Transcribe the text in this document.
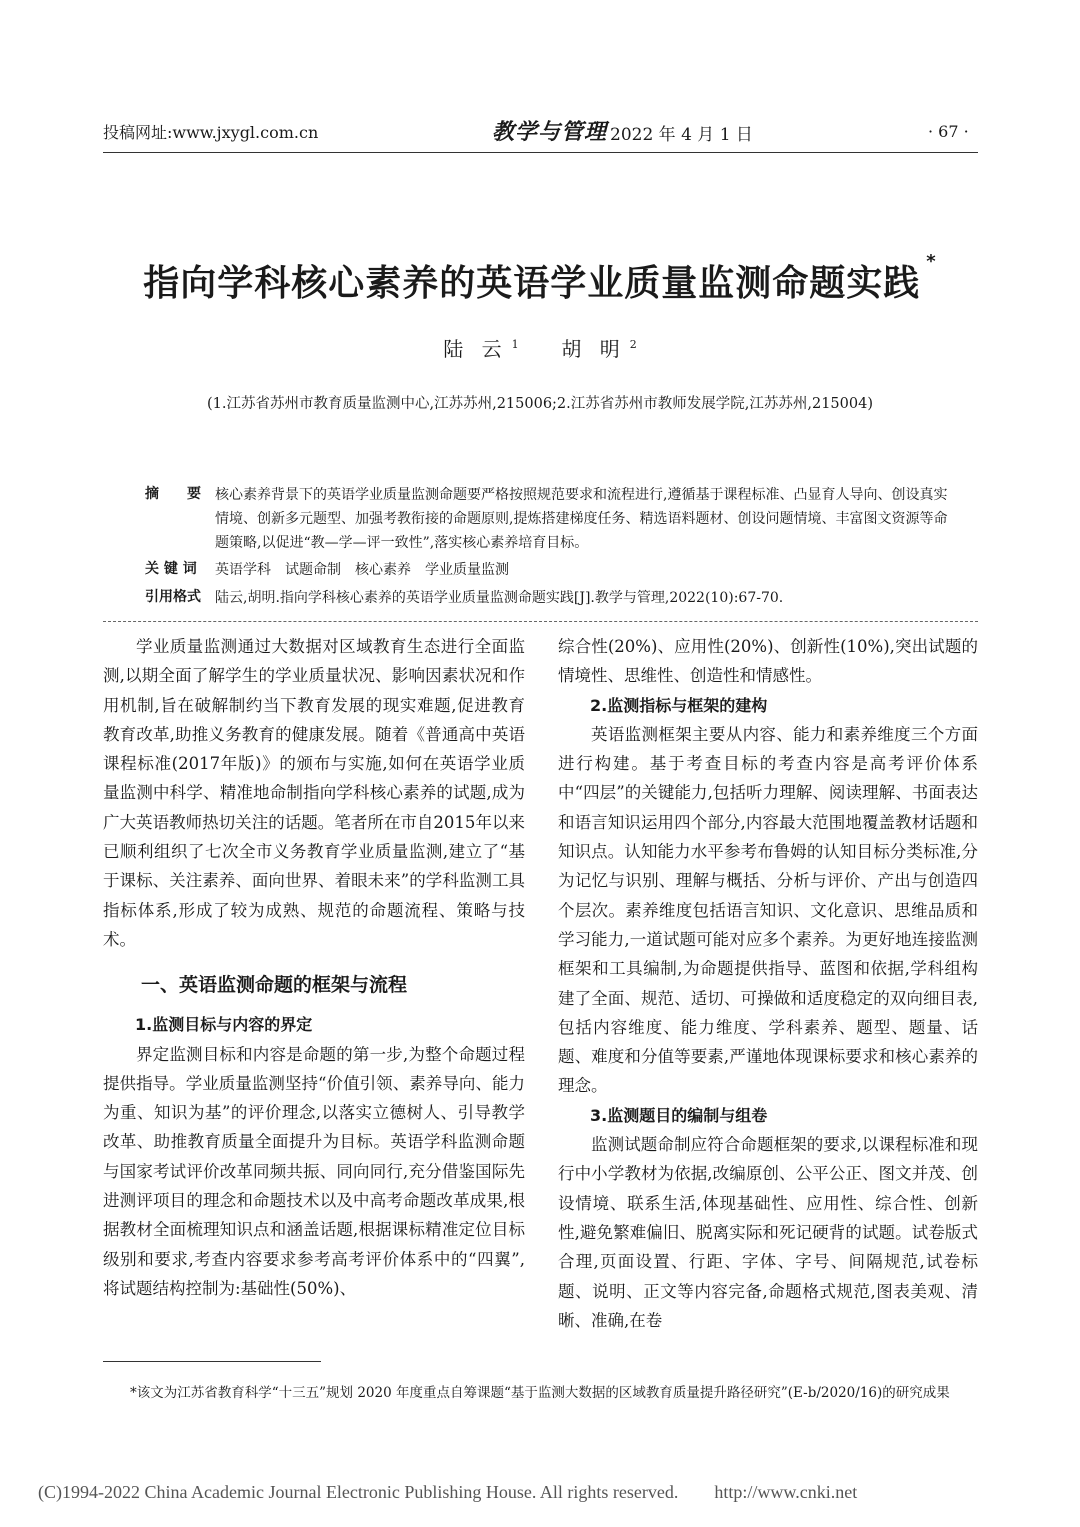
投稿网址:www.jxygl.com.cn	教学与管理 2022 年 4 月 1 日	· 67 ·
指向学科核心素养的英语学业质量监测命题实践*
陆 云 $^1$ 胡 明 $^2$
(1.江苏省苏州市教育质量监测中心,江苏苏州,215006;2.江苏省苏州市教师发展学院,江苏苏州,215004)
摘　　要 核心素养背景下的英语学业质量监测命题要严格按照规范要求和流程进行,遵循基于课程标准、凸显育人导向、创设真实情境、创新多元题型、加强考教衔接的命题原则,提炼搭建梯度任务、精选语料题材、创设问题情境、丰富图文资源等命题策略,以促进“教—学—评一致性”,落实核心素养培育目标。
关 键 词 英语学科　试题命制　核心素养　学业质量监测
引用格式 陆云,胡明.指向学科核心素养的英语学业质量监测命题实践[J].教学与管理,2022(10):67-70.

学业质量监测通过大数据对区域教育生态进行全面监测,以期全面了解学生的学业质量状况、影响因素状况和作用机制,旨在破解制约当下教育发展的现实难题,促进教育教育改革,助推义务教育的健康发展。随着《普通高中英语课程标准(2017年版)》的颁布与实施,如何在英语学业质量监测中科学、精准地命制指向学科核心素养的试题,成为广大英语教师热切关注的话题。笔者所在市自2015年以来已顺利组织了七次全市义务教育学业质量监测,建立了“基于课标、关注素养、面向世界、着眼未来”的学科监测工具指标体系,形成了较为成熟、规范的命题流程、策略与技术。

一、英语监测命题的框架与流程

1.监测目标与内容的界定

界定监测目标和内容是命题的第一步,为整个命题过程提供指导。学业质量监测坚持“价值引领、素养导向、能力为重、知识为基”的评价理念,以落实立德树人、引导教学改革、助推教育质量全面提升为目标。英语学科监测命题与国家考试评价改革同频共振、同向同行,充分借鉴国际先进测评项目的理念和命题技术以及中高考命题改革成果,根据教材全面梳理知识点和涵盖话题,根据课标精准定位目标级别和要求,考查内容要求参考高考评价体系中的“四翼”,将试题结构控制为:基础性(50%)、

综合性(20%)、应用性(20%)、创新性(10%),突出试题的情境性、思维性、创造性和情感性。

2.监测指标与框架的建构

英语监测框架主要从内容、能力和素养维度三个方面进行构建。基于考查目标的考查内容是高考评价体系中“四层”的关键能力,包括听力理解、阅读理解、书面表达和语言知识运用四个部分,内容最大范围地覆盖教材话题和知识点。认知能力水平参考布鲁姆的认知目标分类标准,分为记忆与识别、理解与概括、分析与评价、产出与创造四个层次。素养维度包括语言知识、文化意识、思维品质和学习能力,一道试题可能对应多个素养。为更好地连接监测框架和工具编制,为命题提供指导、蓝图和依据,学科组构建了全面、规范、适切、可操做和适度稳定的双向细目表,包括内容维度、能力维度、学科素养、题型、题量、话题、难度和分值等要素,严谨地体现课标要求和核心素养的理念。

3.监测题目的编制与组卷

监测试题命制应符合命题框架的要求,以课程标准和现行中小学教材为依据,改编原创、公平公正、图文并茂、创设情境、联系生活,体现基础性、应用性、综合性、创新性,避免繁难偏旧、脱离实际和死记硬背的试题。试卷版式合理,页面设置、行距、字体、字号、间隔规范,试卷标题、说明、正文等内容完备,命题格式规范,图表美观、清晰、准确,在卷

*该文为江苏省教育科学“十三五”规划 2020 年度重点自筹课题“基于监测大数据的区域教育质量提升路径研究”(E-b/2020/16)的研究成果
(C)1994-2022 China Academic Journal Electronic Publishing House. All rights reserved.　　http://www.cnki.net
